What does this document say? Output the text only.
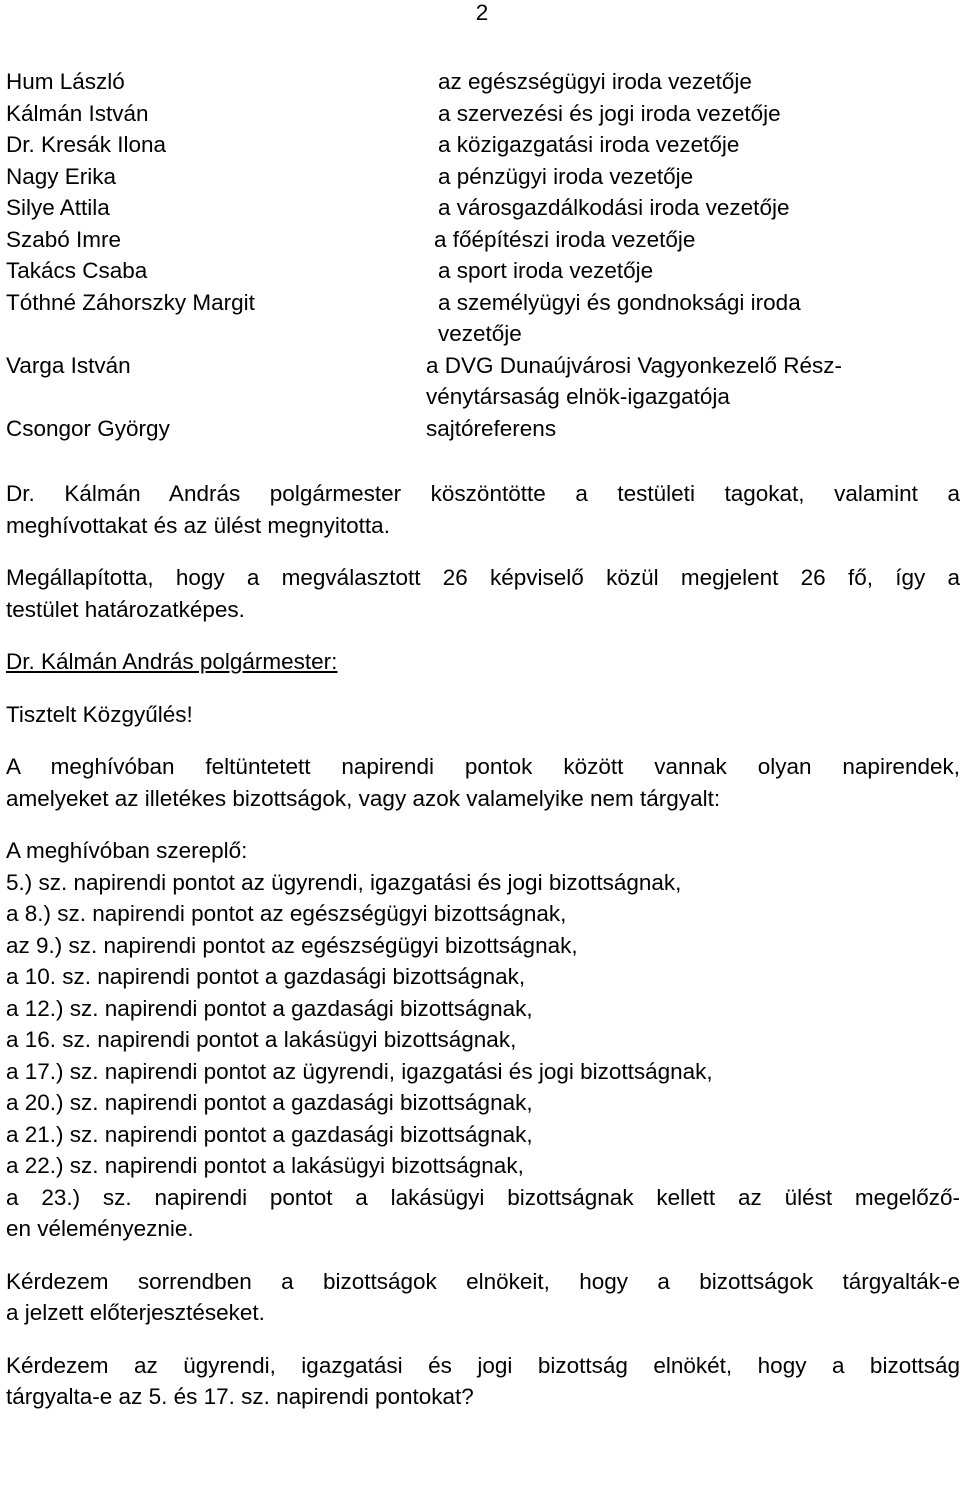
2
Hum László	az egészségügyi iroda vezetője
Kálmán István	a szervezési és jogi iroda vezetője
Dr. Kresák Ilona	a közigazgatási iroda vezetője
Nagy Erika	a pénzügyi iroda vezetője
Silye Attila	a városgazdálkodási iroda vezetője
Szabó Imre	a főépítészi iroda vezetője
Takács Csaba	a sport iroda vezetője
Tóthné Záhorszky Margit	a személyügyi és gondnoksági iroda
vezetője
Varga István	a DVG Dunaújvárosi Vagyonkezelő Rész-
vénytársaság elnök-igazgatója
Csongor György	sajtóreferens

Dr. Kálmán András polgármester köszöntötte a testületi tagokat, valamint a
meghívottakat és az ülést megnyitotta.

Megállapította, hogy a megválasztott 26 képviselő közül megjelent 26 fő, így a
testület határozatképes.

Dr. Kálmán András polgármester:

Tisztelt Közgyűlés!

A meghívóban feltüntetett napirendi pontok között vannak olyan napirendek,
amelyeket az illetékes bizottságok, vagy azok valamelyike nem tárgyalt:

A meghívóban szereplő:

5.) sz. napirendi pontot az ügyrendi, igazgatási és jogi bizottságnak,
a 8.) sz. napirendi pontot az egészségügyi bizottságnak,
az 9.) sz. napirendi pontot az egészségügyi bizottságnak,
a 10. sz. napirendi pontot a gazdasági bizottságnak,
a 12.) sz. napirendi pontot a gazdasági bizottságnak,
a 16. sz. napirendi pontot a lakásügyi bizottságnak,
a 17.) sz. napirendi pontot az ügyrendi, igazgatási és jogi bizottságnak,
a 20.) sz. napirendi pontot a gazdasági bizottságnak,
a 21.) sz. napirendi pontot a gazdasági bizottságnak,
a 22.) sz. napirendi pontot a lakásügyi bizottságnak,
a 23.) sz. napirendi pontot a lakásügyi bizottságnak kellett az ülést megelőző-
en véleményeznie.

Kérdezem sorrendben a bizottságok elnökeit, hogy a bizottságok tárgyalták-e
a jelzett előterjesztéseket.

Kérdezem az ügyrendi, igazgatási és jogi bizottság elnökét, hogy a bizottság
tárgyalta-e az 5. és 17. sz. napirendi pontokat?
